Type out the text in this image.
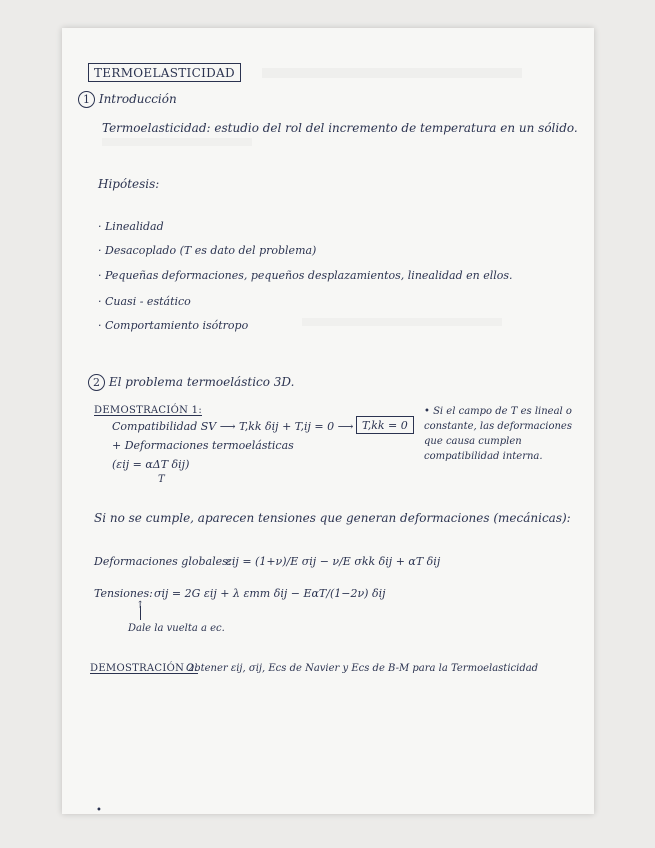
TERMOELASTICIDAD
1 Introducción
Termoelasticidad: estudio del rol del incremento de temperatura en un sólido.
Hipótesis:
· Linealidad
· Desacoplado (T es dato del problema)
· Pequeñas deformaciones, pequeños desplazamientos, linealidad en ellos.
· Cuasi - estático
· Comportamiento isótropo
2 El problema termoelástico 3D.
DEMOSTRACIÓN 1:
Compatibilidad SV ⟶ T,kk δij + T,ij = 0 ⟶ T,kk = 0
+ Deformaciones termoelásticas
(εij = αΔT δij)
T
• Si el campo de T es lineal o constante, las deformaciones que causa cumplen compatibilidad interna.
Si no se cumple, aparecen tensiones que generan deformaciones (mecánicas):
Deformaciones globales:
εij = (1+ν)/E σij − ν/E σkk δij + αT δij
Tensiones: σij = 2G εij + λ εmm δij − EαT/(1−2ν) δij
↑
Dale la vuelta a ec.
DEMOSTRACIÓN 2:
Obtener εij, σij, Ecs de Navier y Ecs de B-M para la Termoelasticidad
•
